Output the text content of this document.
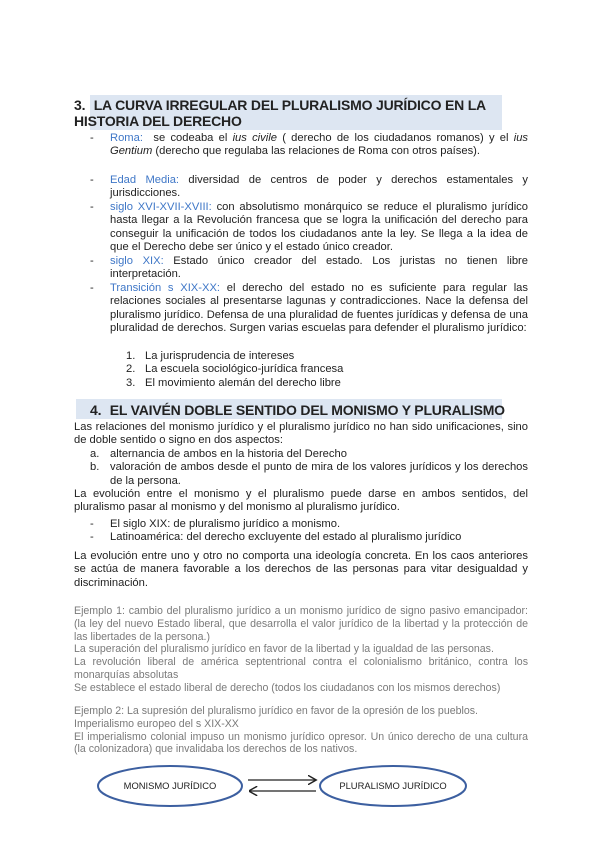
3. LA CURVA IRREGULAR DEL PLURALISMO JURÍDICO EN LA HISTORIA DEL DERECHO
- Roma: se codeaba el ius civile ( derecho de los ciudadanos romanos) y el ius Gentium (derecho que regulaba las relaciones de Roma con otros países).
- Edad Media: diversidad de centros de poder y derechos estamentales y jurisdicciones.
- siglo XVI-XVII-XVIII: con absolutismo monárquico se reduce el pluralismo jurídico hasta llegar a la Revolución francesa que se logra la unificación del derecho para conseguir la unificación de todos los ciudadanos ante la ley. Se llega a la idea de que el Derecho debe ser único y el estado único creador.
- siglo XIX: Estado único creador del estado. Los juristas no tienen libre interpretación.
- Transición s XIX-XX: el derecho del estado no es suficiente para regular las relaciones sociales al presentarse lagunas y contradicciones. Nace la defensa del pluralismo jurídico. Defensa de una pluralidad de fuentes jurídicas y defensa de una pluralidad de derechos. Surgen varias escuelas para defender el pluralismo jurídico:
1. La jurisprudencia de intereses
2. La escuela sociológico-jurídica francesa
3. El movimiento alemán del derecho libre
4. EL VAIVÉN DOBLE SENTIDO DEL MONISMO Y PLURALISMO
Las relaciones del monismo jurídico y el pluralismo jurídico no han sido unificaciones, sino de doble sentido o signo en dos aspectos:
a. alternancia de ambos en la historia del Derecho
b. valoración de ambos desde el punto de mira de los valores jurídicos y los derechos de la persona.
La evolución entre el monismo y el pluralismo puede darse en ambos sentidos, del pluralismo pasar al monismo y del monismo al pluralismo jurídico.
- El siglo XIX: de pluralismo jurídico a monismo.
- Latinoamérica: del derecho excluyente del estado al pluralismo jurídico
La evolución entre uno y otro no comporta una ideología concreta. En los caos anteriores se actúa de manera favorable a los derechos de las personas para vitar desigualdad y discriminación.
Ejemplo 1: cambio del pluralismo jurídico a un monismo jurídico de signo pasivo emancipador: (la ley del nuevo Estado liberal, que desarrolla el valor jurídico de la libertad y la protección de las libertades de la persona.)
La superación del pluralismo jurídico en favor de la libertad y la igualdad de las personas.
La revolución liberal de américa septentrional contra el colonialismo británico, contra los monarquías absolutas
Se establece el estado liberal de derecho (todos los ciudadanos con los mismos derechos)
Ejemplo 2: La supresión del pluralismo jurídico en favor de la opresión de los pueblos.
Imperialismo europeo del s XIX-XX
El imperialismo colonial impuso un monismo jurídico opresor. Un único derecho de una cultura (la colonizadora) que invalidaba los derechos de los nativos.
MONISMO JURÍDICO	PLURALISMO JURÍDICO
